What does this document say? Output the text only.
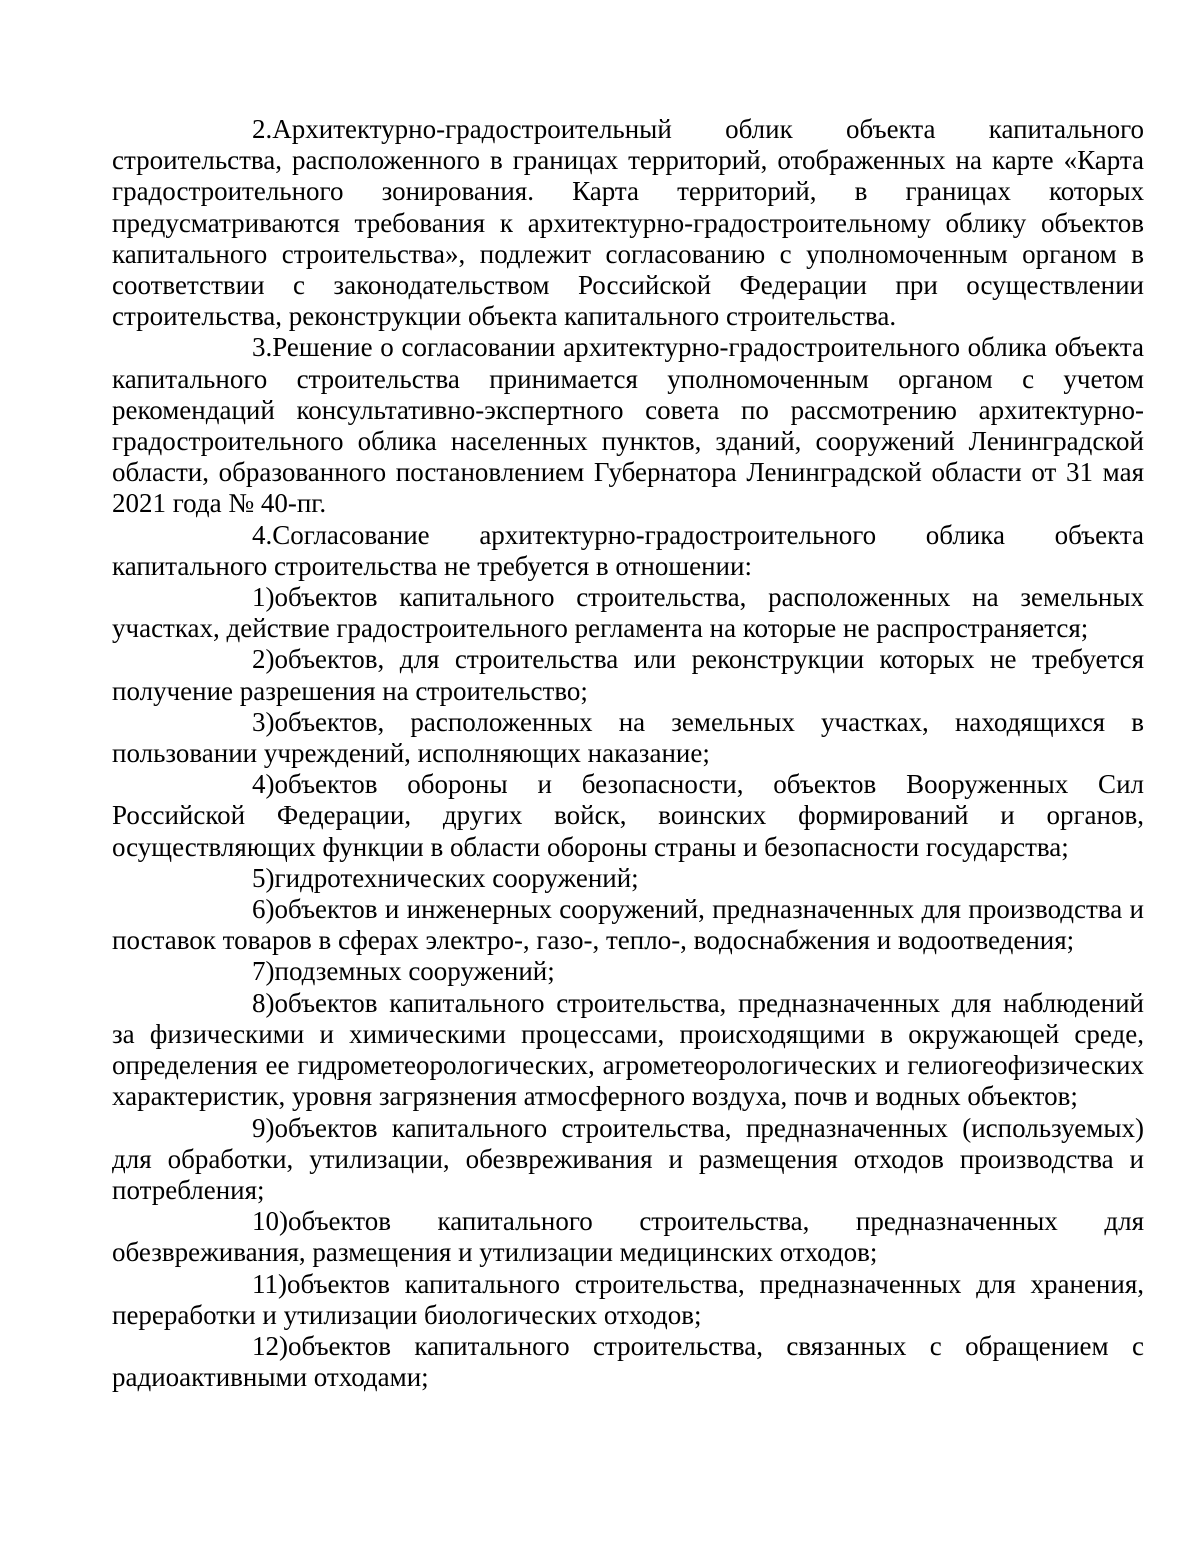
2.Архитектурно-градостроительный облик объекта капитального строительства, расположенного в границах территорий, отображенных на карте «Карта градостроительного зонирования. Карта территорий, в границах которых предусматриваются требования к архитектурно-градостроительному облику объектов капитального строительства», подлежит согласованию с уполномоченным органом в соответствии с законодательством Российской Федерации при осуществлении строительства, реконструкции объекта капитального строительства.

3.Решение о согласовании архитектурно-градостроительного облика объекта капитального строительства принимается уполномоченным органом с учетом рекомендаций консультативно-экспертного совета по рассмотрению архитектурно-градостроительного облика населенных пунктов, зданий, сооружений Ленинградской области, образованного постановлением Губернатора Ленинградской области от 31 мая 2021 года № 40-пг.

4.Согласование архитектурно-градостроительного облика объекта капитального строительства не требуется в отношении:

1)объектов капитального строительства, расположенных на земельных участках, действие градостроительного регламента на которые не распространяется;

2)объектов, для строительства или реконструкции которых не требуется получение разрешения на строительство;

3)объектов, расположенных на земельных участках, находящихся в пользовании учреждений, исполняющих наказание;

4)объектов обороны и безопасности, объектов Вооруженных Сил Российской Федерации, других войск, воинских формирований и органов, осуществляющих функции в области обороны страны и безопасности государства;

5)гидротехнических сооружений;

6)объектов и инженерных сооружений, предназначенных для производства и поставок товаров в сферах электро-, газо-, тепло-, водоснабжения и водоотведения;

7)подземных сооружений;

8)объектов капитального строительства, предназначенных для наблюдений за физическими и химическими процессами, происходящими в окружающей среде, определения ее гидрометеорологических, агрометеорологических и гелиогеофизических характеристик, уровня загрязнения атмосферного воздуха, почв и водных объектов;

9)объектов капитального строительства, предназначенных (используемых) для обработки, утилизации, обезвреживания и размещения отходов производства и потребления;

10)объектов капитального строительства, предназначенных для обезвреживания, размещения и утилизации медицинских отходов;

11)объектов капитального строительства, предназначенных для хранения, переработки и утилизации биологических отходов;

12)объектов капитального строительства, связанных с обращением с радиоактивными отходами;
